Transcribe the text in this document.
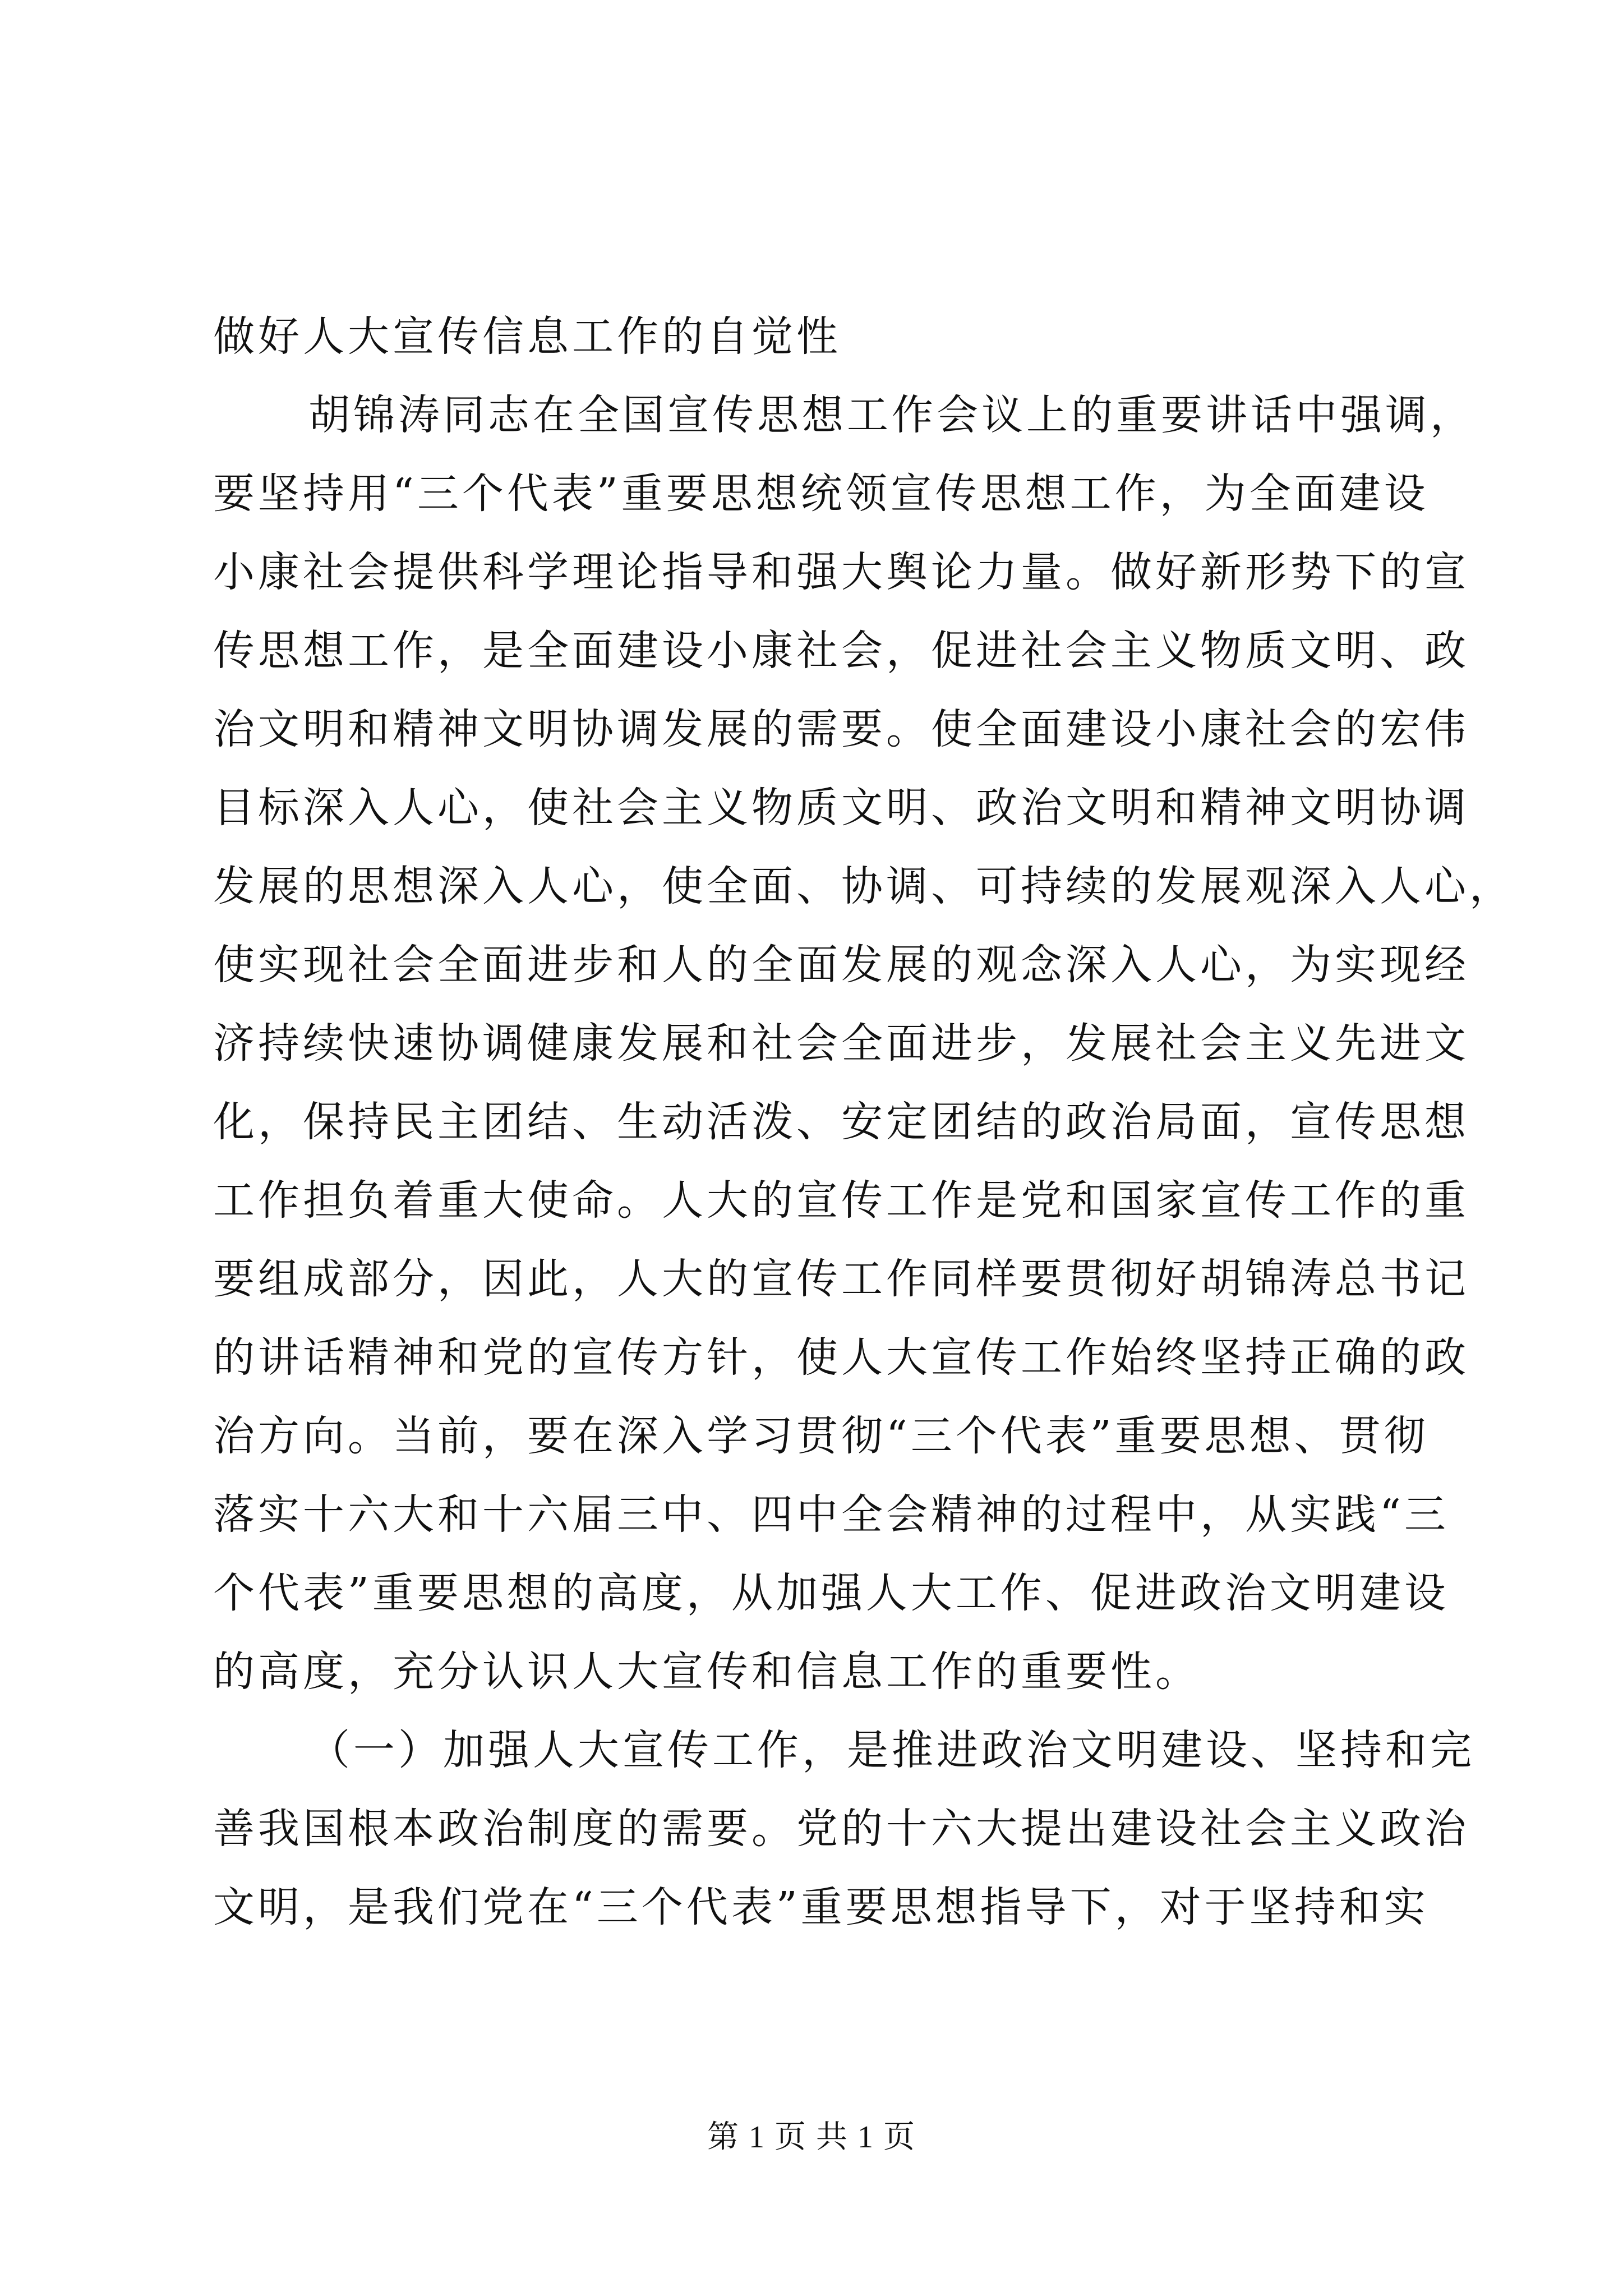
做好人大宣传信息工作的自觉性
胡锦涛同志在全国宣传思想工作会议上的重要讲话中强调，
要坚持用“三个代表”重要思想统领宣传思想工作，为全面建设
小康社会提供科学理论指导和强大舆论力量。做好新形势下的宣
传思想工作，是全面建设小康社会，促进社会主义物质文明、政
治文明和精神文明协调发展的需要。使全面建设小康社会的宏伟
目标深入人心，使社会主义物质文明、政治文明和精神文明协调
发展的思想深入人心，使全面、协调、可持续的发展观深入人心，
使实现社会全面进步和人的全面发展的观念深入人心，为实现经
济持续快速协调健康发展和社会全面进步，发展社会主义先进文
化，保持民主团结、生动活泼、安定团结的政治局面，宣传思想
工作担负着重大使命。人大的宣传工作是党和国家宣传工作的重
要组成部分，因此，人大的宣传工作同样要贯彻好胡锦涛总书记
的讲话精神和党的宣传方针，使人大宣传工作始终坚持正确的政
治方向。当前，要在深入学习贯彻“三个代表”重要思想、贯彻
落实十六大和十六届三中、四中全会精神的过程中，从实践“三
个代表”重要思想的高度，从加强人大工作、促进政治文明建设
的高度，充分认识人大宣传和信息工作的重要性。
（一）加强人大宣传工作，是推进政治文明建设、坚持和完
善我国根本政治制度的需要。党的十六大提出建设社会主义政治
文明，是我们党在“三个代表”重要思想指导下，对于坚持和实
第 1 页 共 1 页
